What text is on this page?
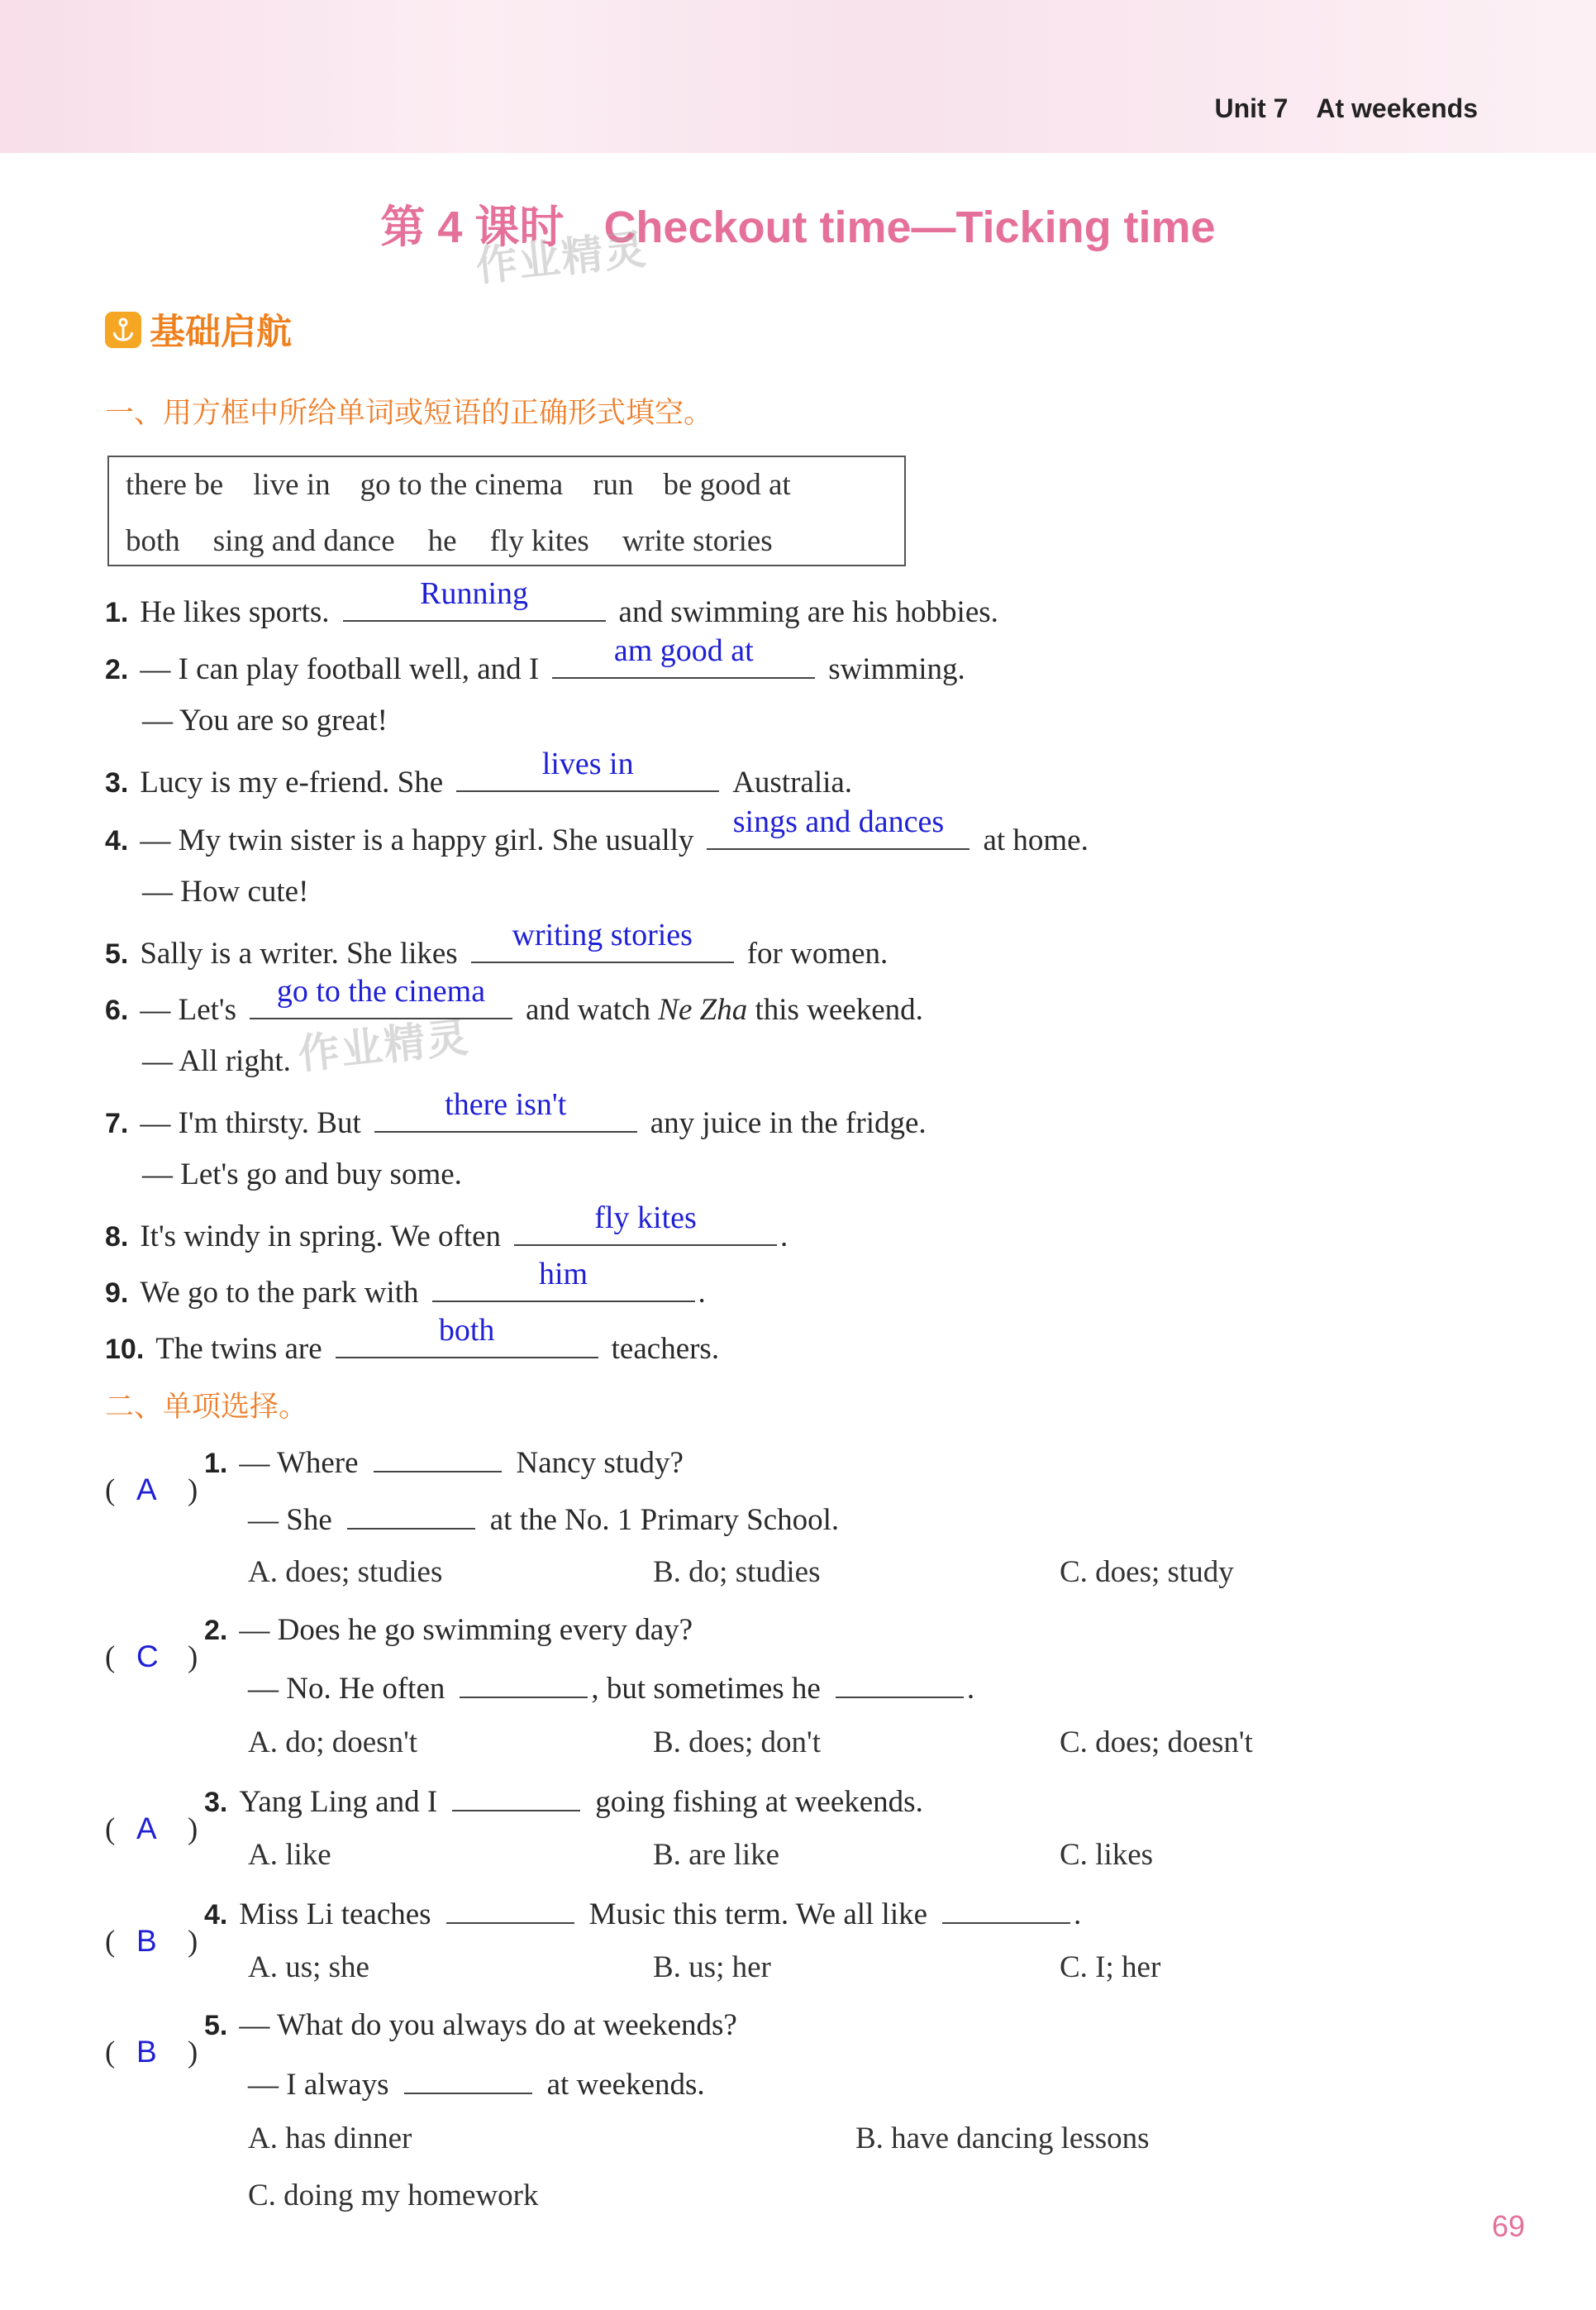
Unit 7 At weekends
第 4 课时 Checkout time—Ticking time
作业精灵
作业精灵
基础启航
一、用方框中所给单词或短语的正确形式填空。
there be live in go to the cinema run be good at
both sing and dance he fly kites write stories
1. He likes sports.
Running
and swimming are his hobbies.
2. — I can play football well, and I
am good at
swimming.
— You are so great!
3. Lucy is my e-friend. She
lives in
Australia.
4. — My twin sister is a happy girl. She usually
sings and dances
at home.
— How cute!
5. Sally is a writer. She likes
writing stories
for women.
6. — Let's
go to the cinema
and watch
Ne Zha
this weekend.
— All right.
7. — I'm thirsty. But
there isn't
any juice in the fridge.
— Let's go and buy some.
8. It's windy in spring. We often
fly kites
.
9. We go to the park with
him
.
10. The twins are
both
teachers.
二、单项选择。
( A )
1. — Where	Nancy study?
— She	at the No. 1 Primary School.
A. does; studies	B. do; studies	C. does; study
( C )
2. — Does he go swimming every day?
— No. He often	, but sometimes he	.
A. do; doesn't	B. does; don't	C. does; doesn't
( A )
3. Yang Ling and I	going fishing at weekends.
A. like	B. are like	C. likes
( B )
4. Miss Li teaches	Music this term. We all like	.
A. us; she	B. us; her	C. I; her
( B )
5. — What do you always do at weekends?
— I always	at weekends.
A. has dinner	B. have dancing lessons
C. doing my homework
69
